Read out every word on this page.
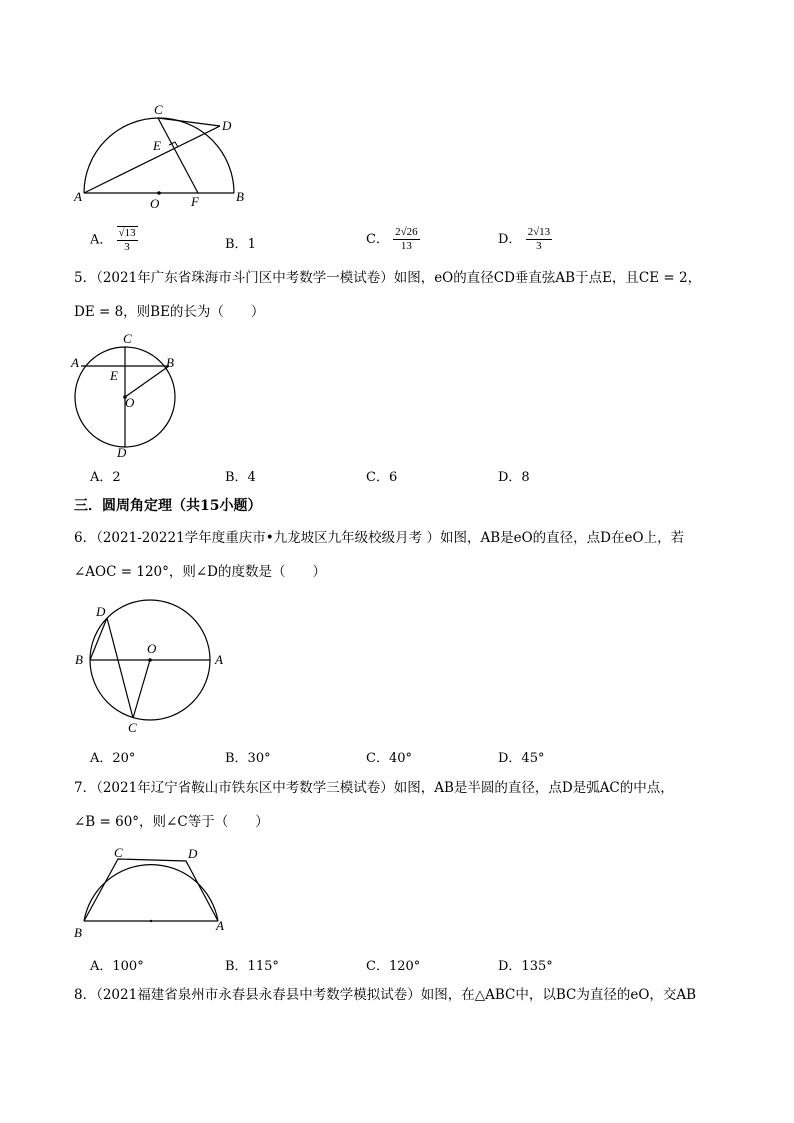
C
D
E
A	B
O F
A． $\frac{√13}{3}$	B．1	C． $\frac{2√26}{13}$	D． $\frac{2√13}{3}$
5．（2021年广东省珠海市斗门区中考数学一模试卷）如图，eO的直径CD垂直弦AB于点E，且CE = 2，
DE = 8，则BE的长为（　　）
C
A	B
E
O
D
A．2	B．4	C．6	D．8
三．圆周角定理（共15小题）
6．（2021-20221学年度重庆市•九龙坡区九年级校级月考 ）如图，AB是eO的直径，点D在eO上，若
∠AOC = 120°，则∠D的度数是（　　）
D
O
B	A
C
A．20°	B．30°	C．40°	D．45°
7．（2021年辽宁省鞍山市铁东区中考数学三模试卷）如图，AB是半圆的直径，点D是弧AC的中点，
∠B = 60°，则∠C等于（　　）
C	D
B	A
A．100°	B．115°	C．120°	D．135°
8．（2021福建省泉州市永春县永春县中考数学模拟试卷）如图，在△ABC中，以BC为直径的eO，交AB
